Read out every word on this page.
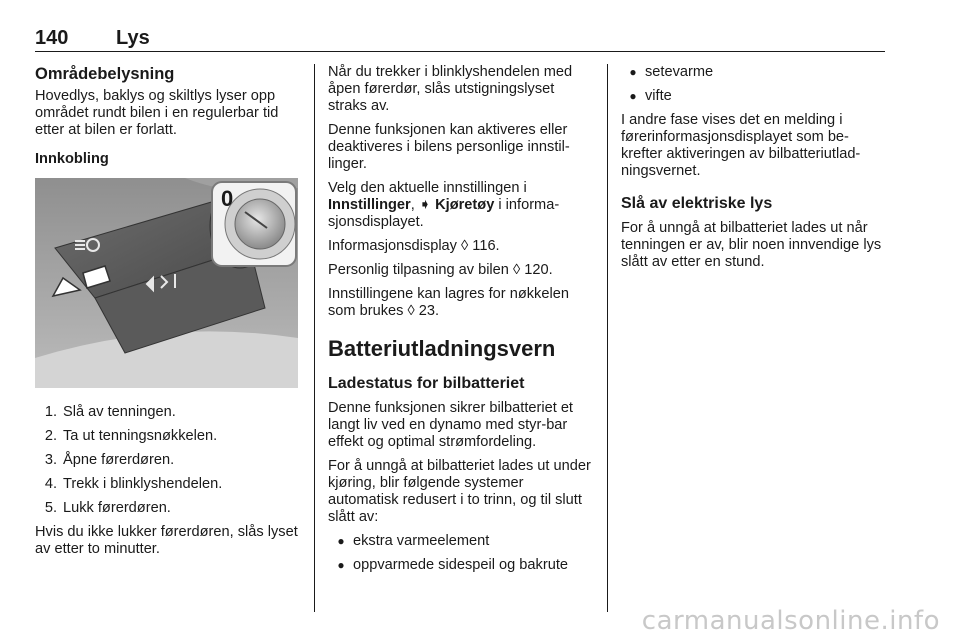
140 Lys
Områdebelysning

Hovedlys, baklys og skiltlys lyser opp området rundt bilen i en regulerbar tid etter at bilen er forlatt.

Innkobling
0
1. Slå av tenningen.
2. Ta ut tenningsnøkkelen.
3. Åpne førerdøren.
4. Trekk i blinklyshendelen.
5. Lukk førerdøren.

Hvis du ikke lukker førerdøren, slås lyset av etter to minutter.

Når du trekker i blinklyshendelen med åpen førerdør, slås utstigningslyset straks av.

Denne funksjonen kan aktiveres eller deaktiveres i bilens personlige innstil-linger.

Velg den aktuelle innstillingen i
Innstillinger, ➧ Kjøretøy i informa-sjonsdisplayet.

Informasjonsdisplay ◊ 116.

Personlig tilpasning av bilen ◊ 120.

Innstillingene kan lagres for nøkkelen som brukes ◊ 23.

Batteriutladningsvern
Ladestatus for bilbatteriet

Denne funksjonen sikrer bilbatteriet et langt liv ved en dynamo med styr-bar effekt og optimal strømfordeling.

For å unngå at bilbatteriet lades ut under kjøring, blir følgende systemer automatisk redusert i to trinn, og til slutt slått av:

● ekstra varmeelement
● oppvarmede sidespeil og bakrute
● setevarme
● vifte

I andre fase vises det en melding i førerinformasjonsdisplayet som be-krefter aktiveringen av bilbatteriutlad-ningsvernet.

Slå av elektriske lys

For å unngå at bilbatteriet lades ut når tenningen er av, blir noen innvendige lys slått av etter en stund.

carmanualsonline.info
